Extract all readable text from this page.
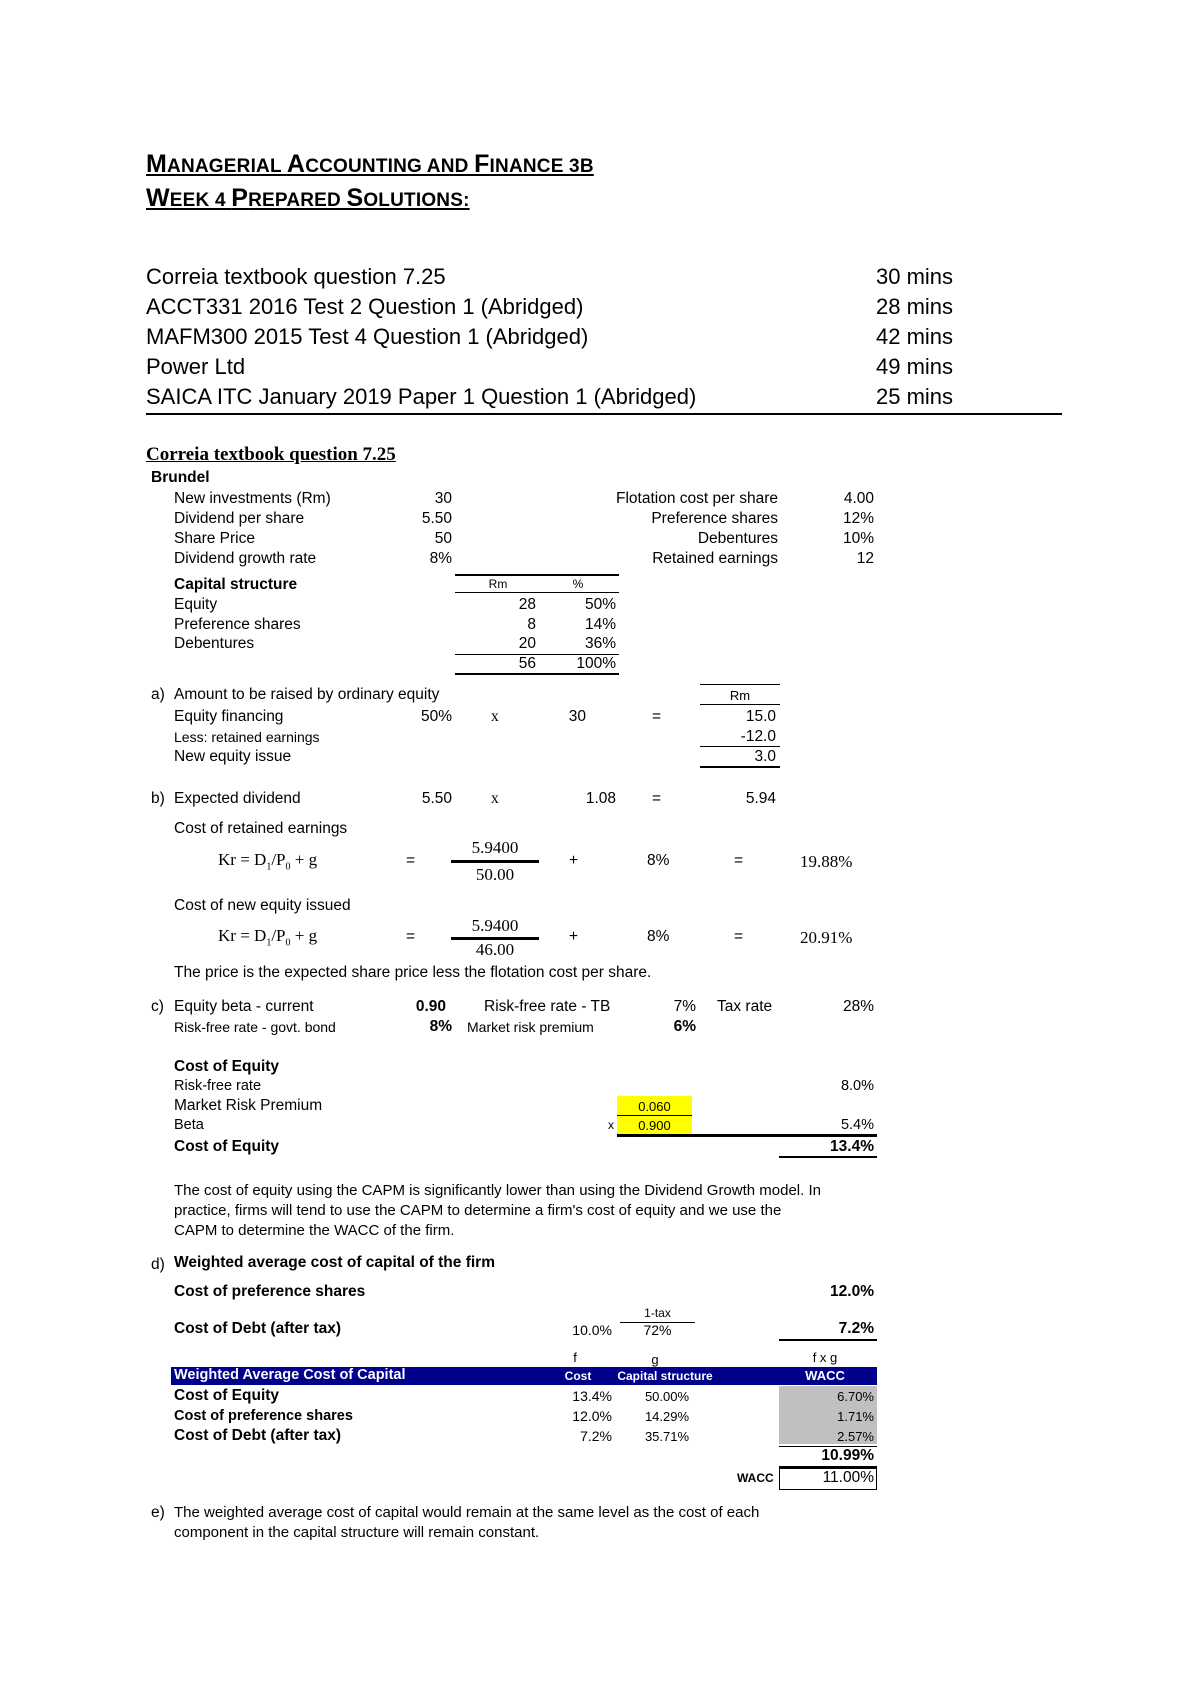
MANAGERIAL ACCOUNTING AND FINANCE 3B
WEEK 4 PREPARED SOLUTIONS:
Correia textbook question 7.25	30 mins
ACCT331 2016 Test 2 Question 1 (Abridged)	28 mins
MAFM300 2015 Test 4 Question 1 (Abridged)	42 mins
Power Ltd	49 mins
SAICA ITC January 2019 Paper 1 Question 1 (Abridged)	25 mins
Correia textbook question 7.25
Brundel
New investments (Rm)	30
Dividend per share	5.50
Share Price	50
Dividend growth rate	8%
Flotation cost per share	4.00
Preference shares	12%
Debentures	10%
Retained earnings	12
Capital structure	Rm	%
Equity	28	50%
Preference shares	8	14%
Debentures	20	36%
56	100%
a) Amount to be raised by ordinary equity	Rm
Equity financing	50%	x	30	=	15.0
Less: retained earnings	-12.0
New equity issue	3.0
b) Expected dividend	5.50	x	1.08 =	5.94
Cost of retained earnings
$Kr = D_1/P_0 + g$	=
5.9400
50.00
+	8%	=	19.88%
Cost of new equity issued
$Kr = D_1/P_0 + g$	=
5.9400
46.00
+	8%	=	20.91%
The price is the expected share price less the flotation cost per share.
c) Equity beta - current	0.90 Risk-free rate - TB	7% Tax rate	28%
Risk-free rate - govt. bond	8% Market risk premium	6%
Cost of Equity
Risk-free rate	8.0%
Market Risk Premium	0.060
Beta	x	0.900	5.4%
Cost of Equity	13.4%
The cost of equity using the CAPM is significantly lower than using the Dividend Growth model. In
practice, firms will tend to use the CAPM to determine a firm's cost of equity and we use the
CAPM to determine the WACC of the firm.
d) Weighted average cost of capital of the firm
Cost of preference shares	12.0%
1-tax
Cost of Debt (after tax)	10.0%	72%	7.2%
f	g	f x g
Weighted Average Cost of Capital	Cost	Capital structure	WACC
Cost of Equity	13.4%	50.00%	6.70%
Cost of preference shares	12.0%	14.29%	1.71%
Cost of Debt (after tax)	7.2%	35.71%	2.57%
10.99%
WACC	11.00%
e) The weighted average cost of capital would remain at the same level as the cost of each
component in the capital structure will remain constant.
